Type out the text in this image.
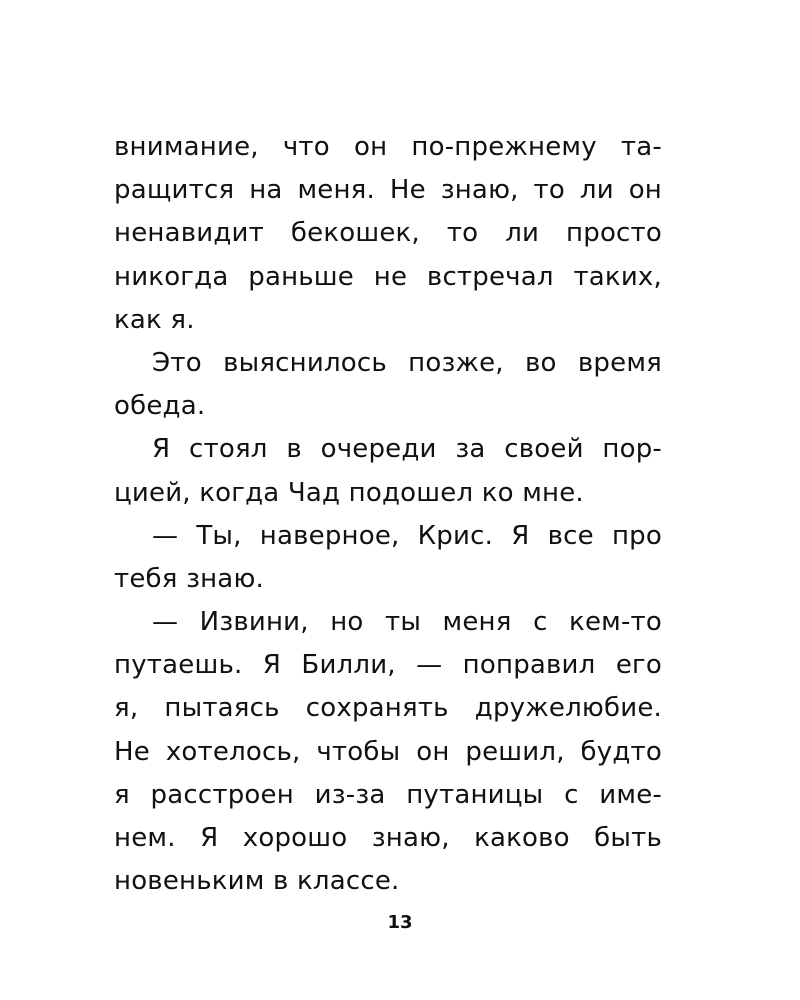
внимание, что он по-прежнему та-
ращится на меня. Не знаю, то ли он
ненавидит бекошек, то ли просто
никогда раньше не встречал таких,
как я.
Это выяснилось позже, во время
обеда.
Я стоял в очереди за своей пор-
цией, когда Чад подошел ко мне.
— Ты, наверное, Крис. Я все про
тебя знаю.
— Извини, но ты меня с кем-то
путаешь. Я Билли, — поправил его
я, пытаясь сохранять дружелюбие.
Не хотелось, чтобы он решил, будто
я расстроен из-за путаницы с име-
нем. Я хорошо знаю, каково быть
новеньким в классе.
13
